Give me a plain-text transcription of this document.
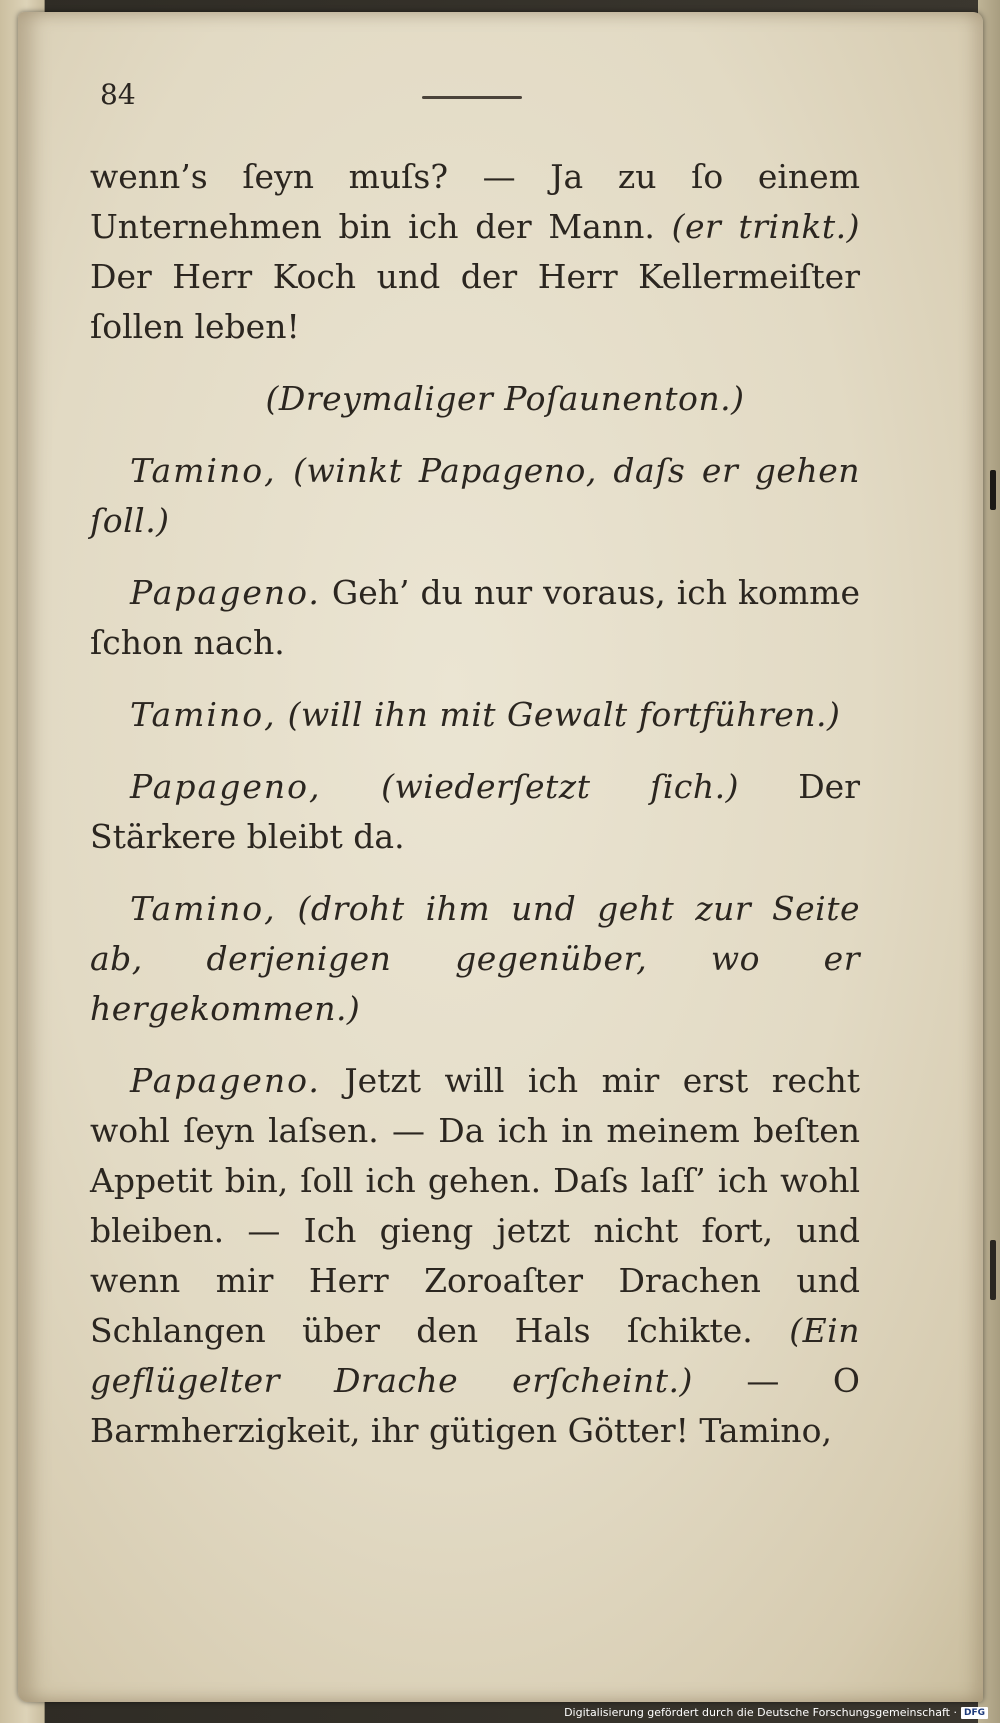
84

wenn’s ſeyn muſs? — Ja zu ſo einem Unternehmen bin ich der Mann. (er trinkt.) Der Herr Koch und der Herr Kellermeiſter ſollen leben!

(Dreymaliger Poſaunenton.)

Tamino, (winkt Papageno, daſs er gehen ſoll.)

Papageno. Geh’ du nur voraus, ich komme ſchon nach.

Tamino, (will ihn mit Gewalt fortführen.)

Papageno, (wiederſetzt ſich.) Der Stärkere bleibt da.

Tamino, (droht ihm und geht zur Seite ab, derjenigen gegenüber, wo er hergekommen.)

Papageno. Jetzt will ich mir erst recht wohl ſeyn laſsen. — Da ich in meinem beſten Appetit bin, ſoll ich gehen. Daſs laſſ’ ich wohl bleiben. — Ich gieng jetzt nicht fort, und wenn mir Herr Zoroaſter Drachen und Schlangen über den Hals ſchikte. (Ein geflügelter Drache erſcheint.) — O Barmherzigkeit, ihr gütigen Götter! Tamino,

Digitalisierung gefördert durch die Deutsche Forschungsgemeinschaft · DFG
